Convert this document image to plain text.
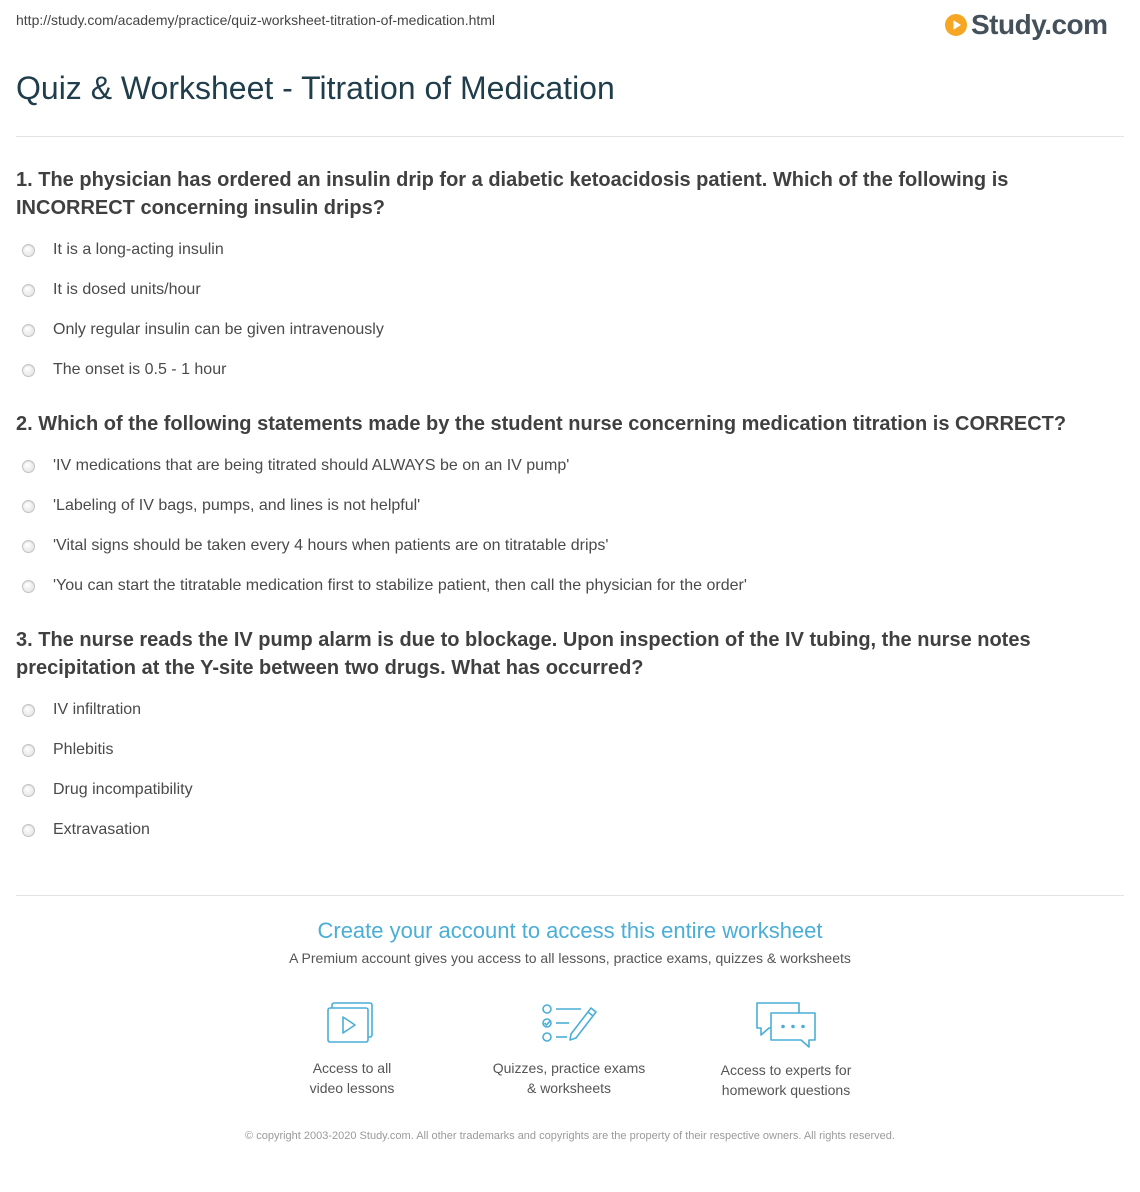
http://study.com/academy/practice/quiz-worksheet-titration-of-medication.html	Study.com
Quiz & Worksheet - Titration of Medication

1. The physician has ordered an insulin drip for a diabetic ketoacidosis patient. Which of the following is INCORRECT concerning insulin drips?

It is a long-acting insulin
It is dosed units/hour
Only regular insulin can be given intravenously
The onset is 0.5 - 1 hour

2. Which of the following statements made by the student nurse concerning medication titration is CORRECT?

'IV medications that are being titrated should ALWAYS be on an IV pump'
'Labeling of IV bags, pumps, and lines is not helpful'
'Vital signs should be taken every 4 hours when patients are on titratable drips'
'You can start the titratable medication first to stabilize patient, then call the physician for the order'

3. The nurse reads the IV pump alarm is due to blockage. Upon inspection of the IV tubing, the nurse notes precipitation at the Y-site between two drugs. What has occurred?

IV infiltration
Phlebitis
Drug incompatibility
Extravasation
Create your account to access this entire worksheet

A Premium account gives you access to all lessons, practice exams, quizzes & worksheets

Access to all
video lessons
Quizzes, practice exams
& worksheets
Access to experts for
homework questions
© copyright 2003-2020 Study.com. All other trademarks and copyrights are the property of their respective owners. All rights reserved.
